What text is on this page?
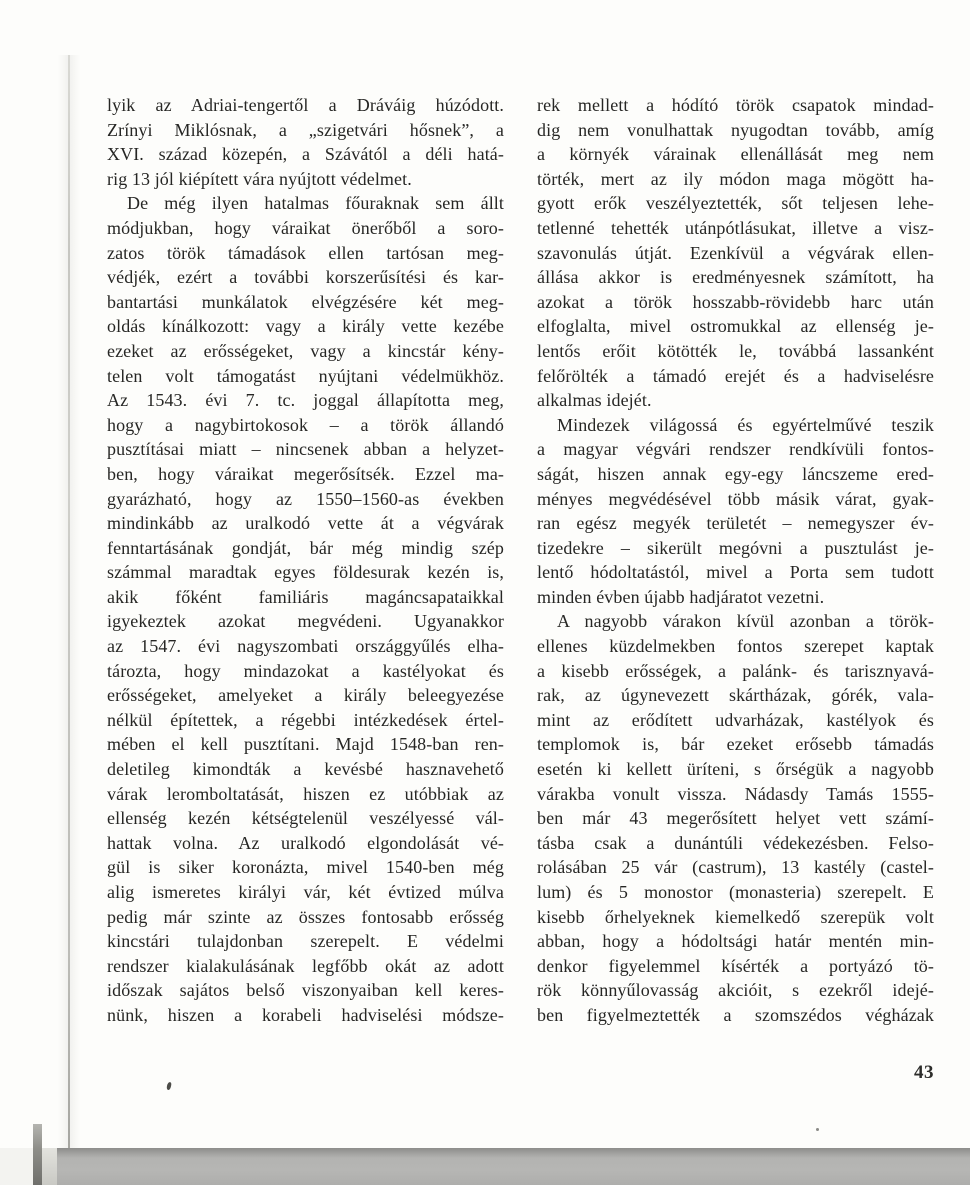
lyik az Adriai-tengertől a Dráváig húzódott.
Zrínyi Miklósnak, a „szigetvári hősnek”, a
XVI. század közepén, a Szávától a déli hatá-
rig 13 jól kiépített vára nyújtott védelmet.
De még ilyen hatalmas főuraknak sem állt
módjukban, hogy váraikat önerőből a soro-
zatos török támadások ellen tartósan meg-
védjék, ezért a további korszerűsítési és kar-
bantartási munkálatok elvégzésére két meg-
oldás kínálkozott: vagy a király vette kezébe
ezeket az erősségeket, vagy a kincstár kény-
telen volt támogatást nyújtani védelmükhöz.
Az 1543. évi 7. tc. joggal állapította meg,
hogy a nagybirtokosok – a török állandó
pusztításai miatt – nincsenek abban a helyzet-
ben, hogy váraikat megerősítsék. Ezzel ma-
gyarázható, hogy az 1550–1560-as években
mindinkább az uralkodó vette át a végvárak
fenntartásának gondját, bár még mindig szép
számmal maradtak egyes földesurak kezén is,
akik főként familiáris magáncsapataikkal
igyekeztek azokat megvédeni. Ugyanakkor
az 1547. évi nagyszombati országgyűlés elha-
tározta, hogy mindazokat a kastélyokat és
erősségeket, amelyeket a király beleegyezése
nélkül építettek, a régebbi intézkedések értel-
mében el kell pusztítani. Majd 1548-ban ren-
deletileg kimondták a kevésbé hasznavehető
várak leromboltatását, hiszen ez utóbbiak az
ellenség kezén kétségtelenül veszélyessé vál-
hattak volna. Az uralkodó elgondolását vé-
gül is siker koronázta, mivel 1540-ben még
alig ismeretes királyi vár, két évtized múlva
pedig már szinte az összes fontosabb erősség
kincstári tulajdonban szerepelt. E védelmi
rendszer kialakulásának legfőbb okát az adott
időszak sajátos belső viszonyaiban kell keres-
nünk, hiszen a korabeli hadviselési módsze-
rek mellett a hódító török csapatok mindad-
dig nem vonulhattak nyugodtan tovább, amíg
a környék várainak ellenállását meg nem
törték, mert az ily módon maga mögött ha-
gyott erők veszélyeztették, sőt teljesen lehe-
tetlenné tehették utánpótlásukat, illetve a visz-
szavonulás útját. Ezenkívül a végvárak ellen-
állása akkor is eredményesnek számított, ha
azokat a török hosszabb-rövidebb harc után
elfoglalta, mivel ostromukkal az ellenség je-
lentős erőit kötötték le, továbbá lassanként
felőrölték a támadó erejét és a hadviselésre
alkalmas idejét.
Mindezek világossá és egyértelművé teszik
a magyar végvári rendszer rendkívüli fontos-
ságát, hiszen annak egy-egy láncszeme ered-
ményes megvédésével több másik várat, gyak-
ran egész megyék területét – nemegyszer év-
tizedekre – sikerült megóvni a pusztulást je-
lentő hódoltatástól, mivel a Porta sem tudott
minden évben újabb hadjáratot vezetni.
A nagyobb várakon kívül azonban a török-
ellenes küzdelmekben fontos szerepet kaptak
a kisebb erősségek, a palánk- és tarisznyavá-
rak, az úgynevezett skártházak, górék, vala-
mint az erődített udvarházak, kastélyok és
templomok is, bár ezeket erősebb támadás
esetén ki kellett üríteni, s őrségük a nagyobb
várakba vonult vissza. Nádasdy Tamás 1555-
ben már 43 megerősített helyet vett számí-
tásba csak a dunántúli védekezésben. Felso-
rolásában 25 vár (castrum), 13 kastély (castel-
lum) és 5 monostor (monasteria) szerepelt. E
kisebb őrhelyeknek kiemelkedő szerepük volt
abban, hogy a hódoltsági határ mentén min-
denkor figyelemmel kísérték a portyázó tö-
rök könnyűlovasság akcióit, s ezekről idejé-
ben figyelmeztették a szomszédos végházak
43
